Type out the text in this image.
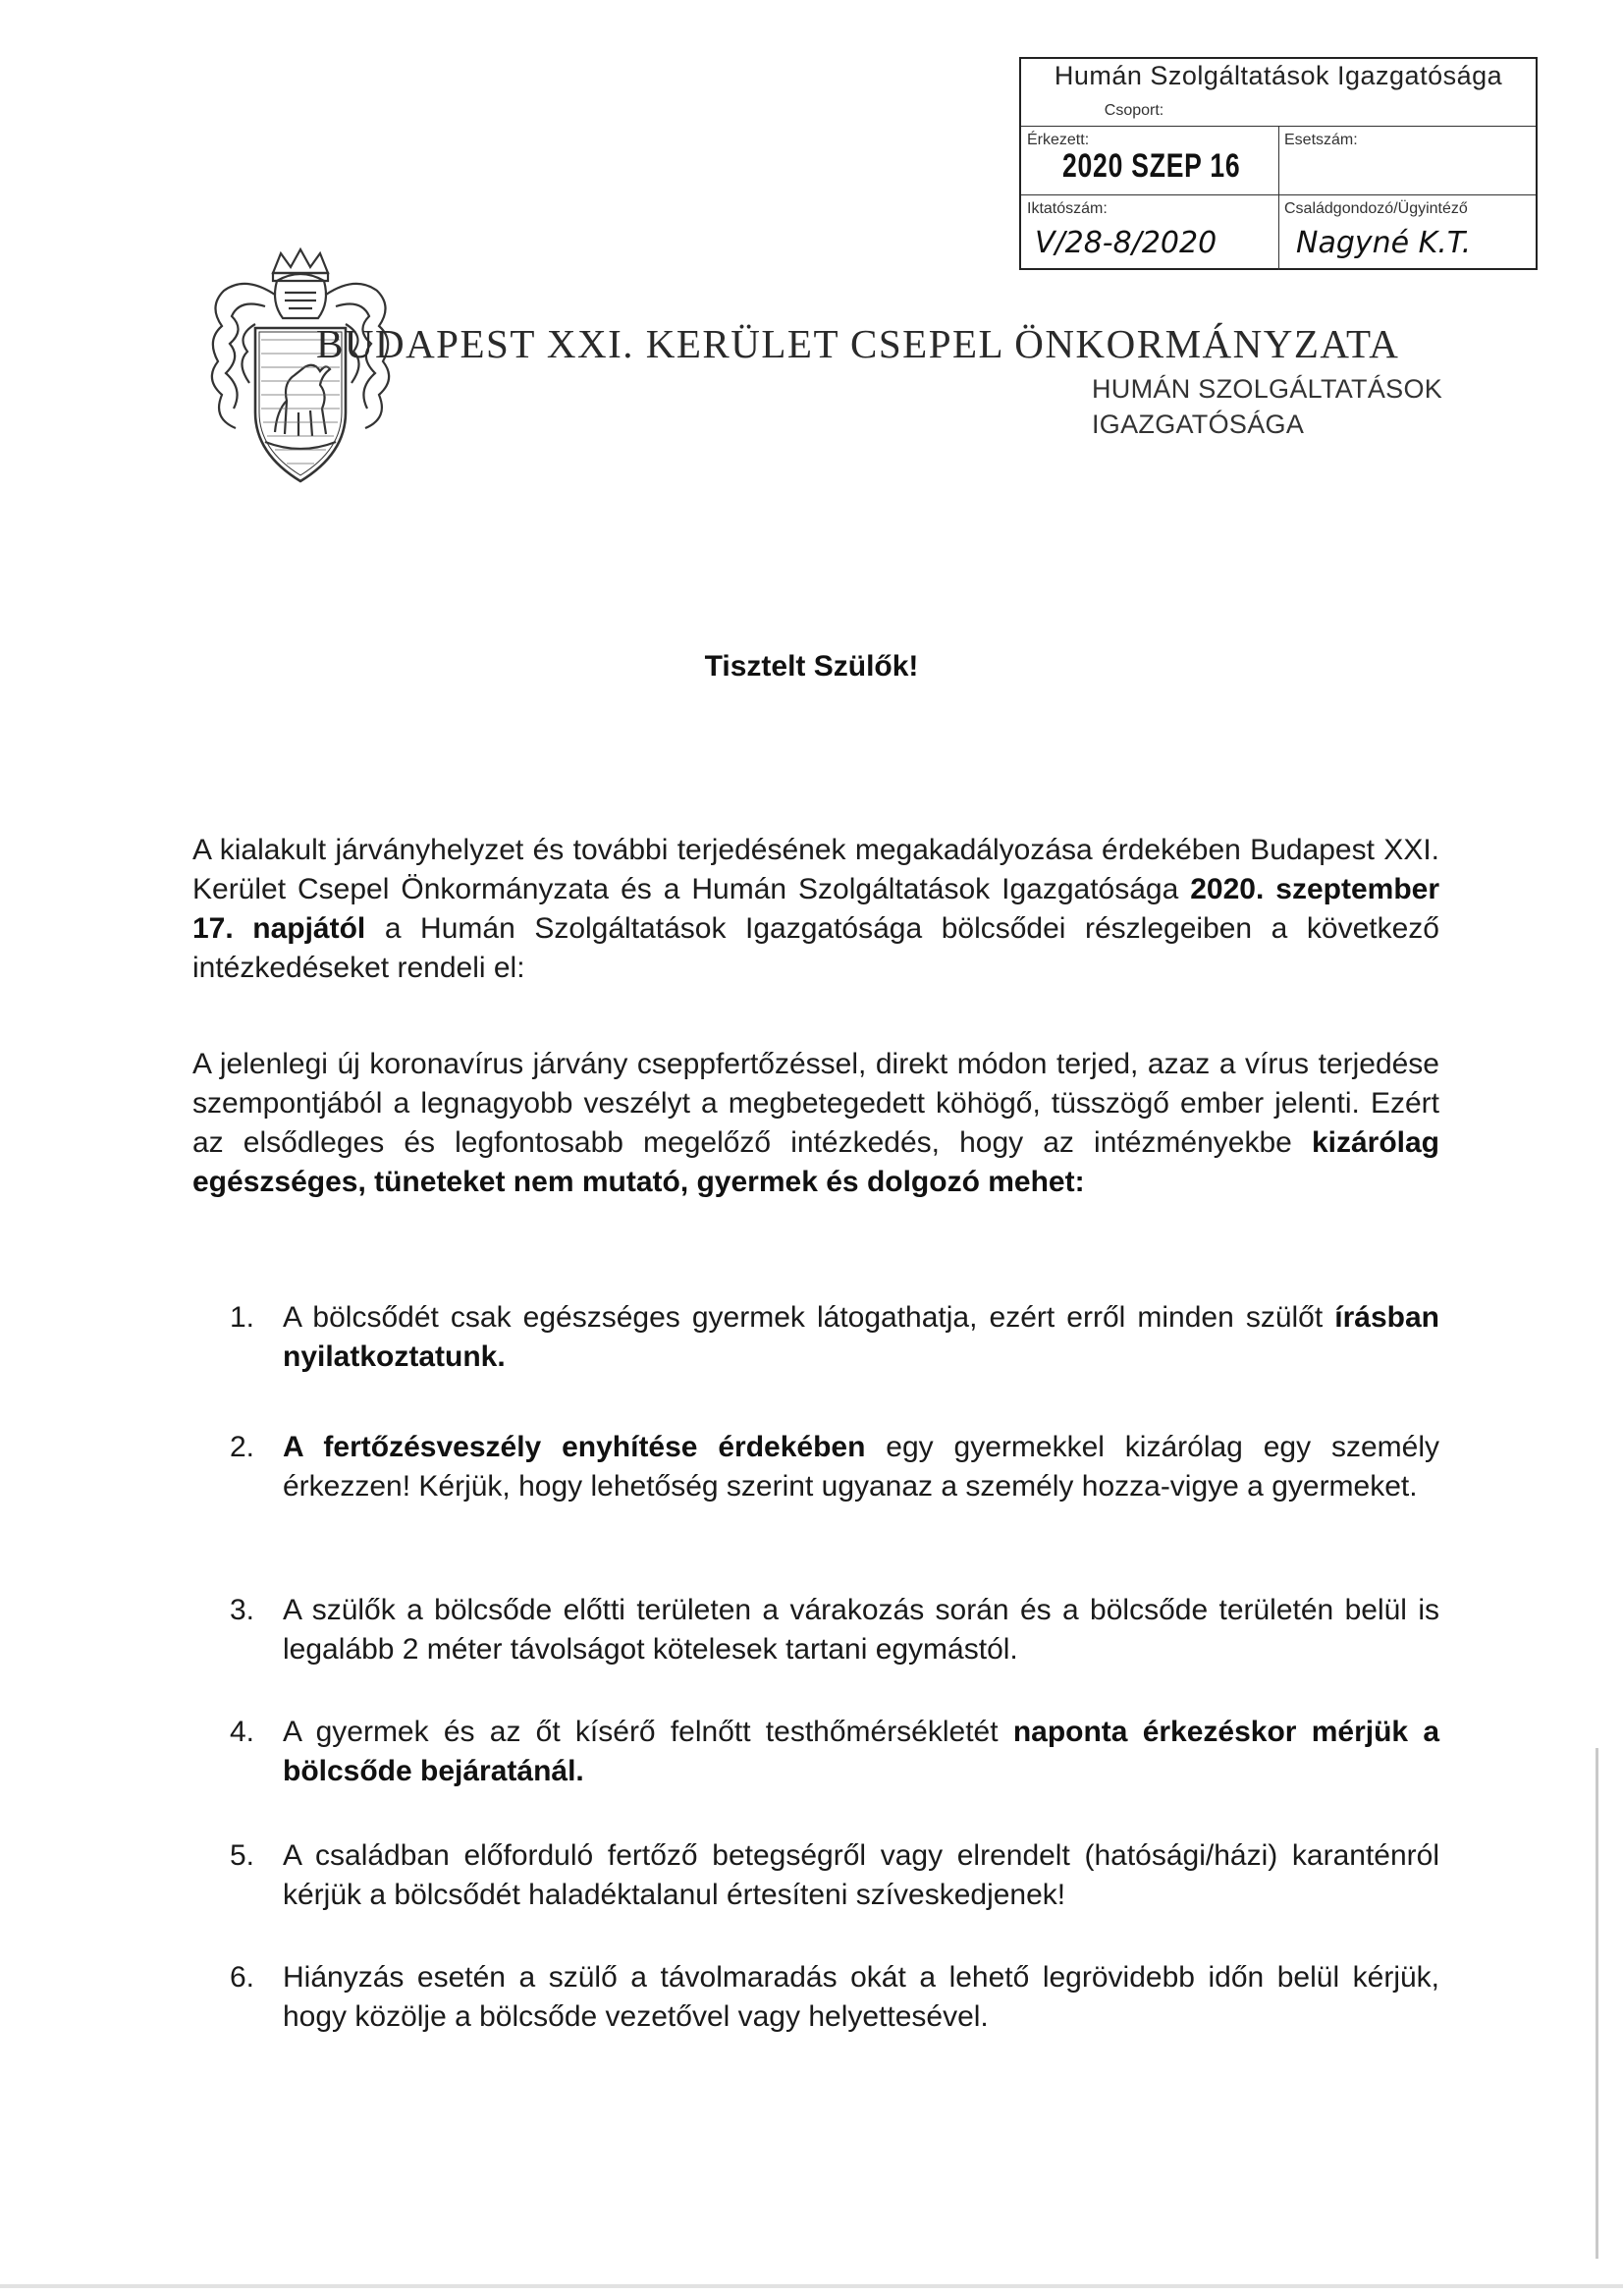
Humán Szolgáltatások Igazgatósága
Csoport:
Érkezett:
2020 SZEP 16
Esetszám:
Iktatószám:
V/28-8/2020
Családgondozó/Ügyintéző
Nagyné K.T.
BUDAPEST XXI. KERÜLET CSEPEL ÖNKORMÁNYZATA
HUMÁN SZOLGÁLTATÁSOK
IGAZGATÓSÁGA
Tisztelt Szülők!
A kialakult járványhelyzet és további terjedésének megakadályozása érdekében Budapest XXI. Kerület Csepel Önkormányzata és a Humán Szolgáltatások Igazgatósága 2020. szeptember 17. napjától a Humán Szolgáltatások Igazgatósága bölcsődei részlegeiben a következő intézkedéseket rendeli el:
A jelenlegi új koronavírus járvány cseppfertőzéssel, direkt módon terjed, azaz a vírus terjedése szempontjából a legnagyobb veszélyt a megbetegedett köhögő, tüsszögő ember jelenti. Ezért az elsődleges és legfontosabb megelőző intézkedés, hogy az intézményekbe kizárólag egészséges, tüneteket nem mutató, gyermek és dolgozó mehet:
1. A bölcsődét csak egészséges gyermek látogathatja, ezért erről minden szülőt írásban nyilatkoztatunk.
2. A fertőzésveszély enyhítése érdekében egy gyermekkel kizárólag egy személy érkezzen! Kérjük, hogy lehetőség szerint ugyanaz a személy hozza-vigye a gyermeket.
3. A szülők a bölcsőde előtti területen a várakozás során és a bölcsőde területén belül is legalább 2 méter távolságot kötelesek tartani egymástól.
4. A gyermek és az őt kísérő felnőtt testhőmérsékletét naponta érkezéskor mérjük a bölcsőde bejáratánál.
5. A családban előforduló fertőző betegségről vagy elrendelt (hatósági/házi) karanténról kérjük a bölcsődét haladéktalanul értesíteni szíveskedjenek!
6. Hiányzás esetén a szülő a távolmaradás okát a lehető legrövidebb időn belül kérjük, hogy közölje a bölcsőde vezetővel vagy helyettesével.
